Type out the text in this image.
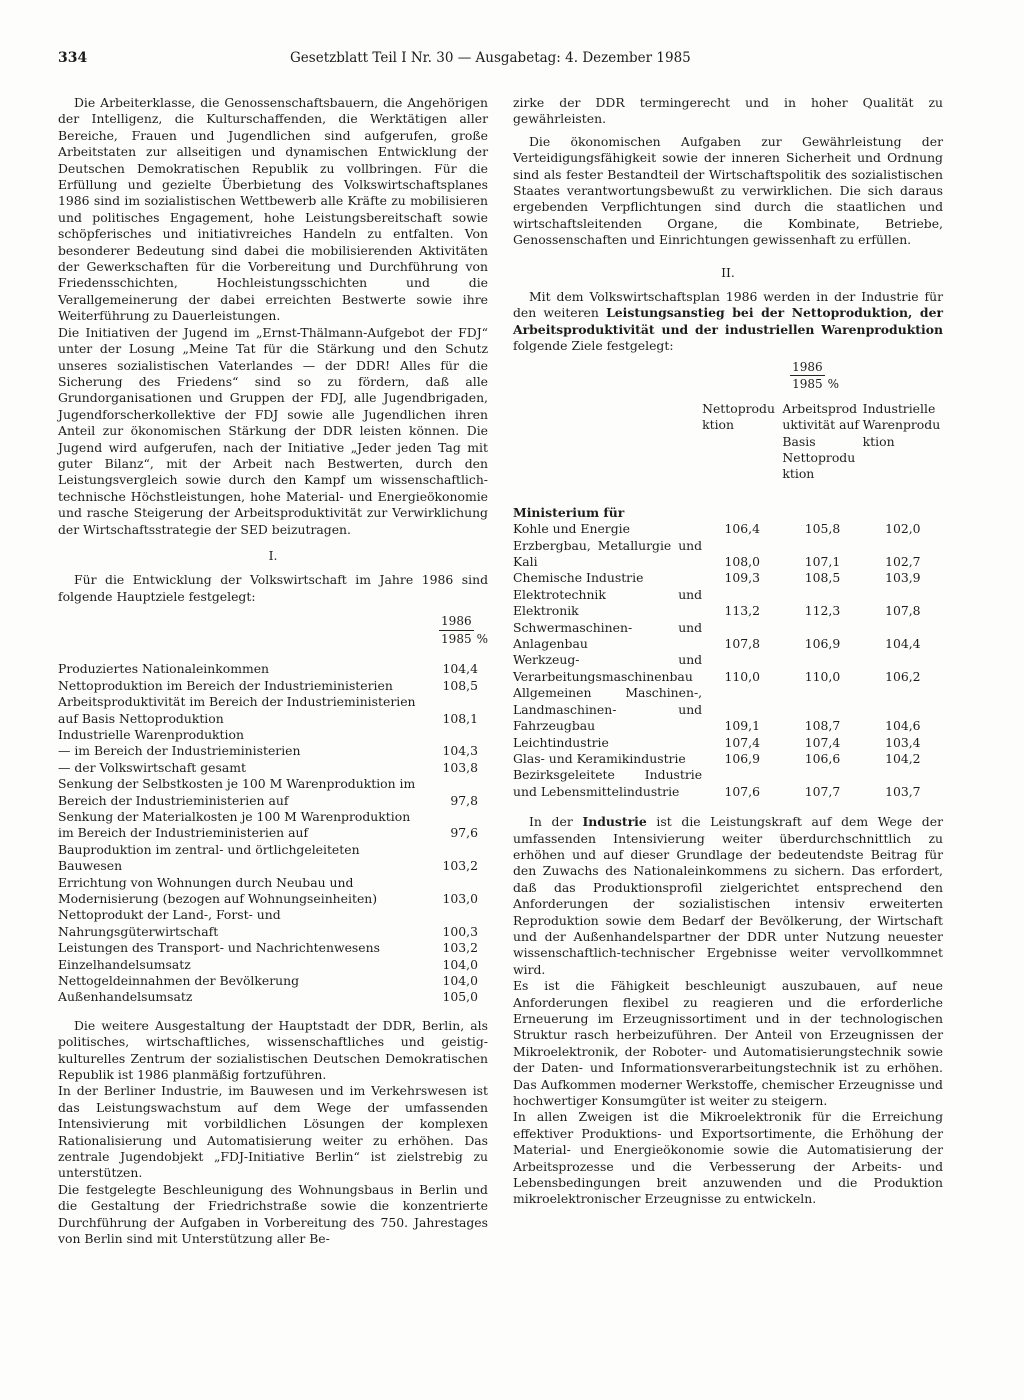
334	Gesetzblatt Teil I Nr. 30 — Ausgabetag: 4. Dezember 1985

Die Arbeiterklasse, die Genossenschaftsbauern, die Angehörigen der Intelligenz, die Kulturschaffenden, die Werktätigen aller Bereiche, Frauen und Jugendlichen sind aufgerufen, große Arbeitstaten zur allseitigen und dynamischen Entwicklung der Deutschen Demokratischen Republik zu vollbringen. Für die Erfüllung und gezielte Überbietung des Volkswirtschaftsplanes 1986 sind im sozialistischen Wettbewerb alle Kräfte zu mobilisieren und politisches Engagement, hohe Leistungsbereitschaft sowie schöpferisches und initiativreiches Handeln zu entfalten. Von besonderer Bedeutung sind dabei die mobilisierenden Aktivitäten der Gewerkschaften für die Vorbereitung und Durchführung von Friedensschichten, Hochleistungsschichten und die Verallgemeinerung der dabei erreichten Bestwerte sowie ihre Weiterführung zu Dauerleistungen.

Die Initiativen der Jugend im „Ernst-Thälmann-Aufgebot der FDJ“ unter der Losung „Meine Tat für die Stärkung und den Schutz unseres sozialistischen Vaterlandes — der DDR! Alles für die Sicherung des Friedens“ sind so zu fördern, daß alle Grundorganisationen und Gruppen der FDJ, alle Jugendbrigaden, Jugendforscherkollektive der FDJ sowie alle Jugendlichen ihren Anteil zur ökonomischen Stärkung der DDR leisten können. Die Jugend wird aufgerufen, nach der Initiative „Jeder jeden Tag mit guter Bilanz“, mit der Arbeit nach Bestwerten, durch den Leistungsvergleich sowie durch den Kampf um wissenschaftlich-technische Höchstleistungen, hohe Material- und Energieökonomie und rasche Steigerung der Arbeitsproduktivität zur Verwirklichung der Wirtschaftsstrategie der SED beizutragen.

I.

Für die Entwicklung der Volkswirtschaft im Jahre 1986 sind folgende Hauptziele festgelegt:

	$\frac{1986}{1985}$ %

Produziertes Nationaleinkommen	104,4
Nettoproduktion im Bereich der Industrieministerien	108,5
Arbeitsproduktivität im Bereich der Industrieministerien auf Basis Nettoproduktion	108,1
Industrielle Warenproduktion	
— im Bereich der Industrieministerien	104,3
— der Volkswirtschaft gesamt	103,8
Senkung der Selbstkosten je 100 M Warenproduktion im Bereich der Industrieministerien auf	97,8
Senkung der Materialkosten je 100 M Warenproduktion im Bereich der Industrieministerien auf	97,6
Bauproduktion im zentral- und örtlichgeleiteten Bauwesen	103,2
Errichtung von Wohnungen durch Neubau und Modernisierung (bezogen auf Wohnungseinheiten)	103,0
Nettoprodukt der Land-, Forst- und Nahrungsgüterwirtschaft	100,3
Leistungen des Transport- und Nachrichtenwesens	103,2
Einzelhandelsumsatz	104,0
Nettogeldeinnahmen der Bevölkerung	104,0
Außenhandelsumsatz	105,0

Die weitere Ausgestaltung der Hauptstadt der DDR, Berlin, als politisches, wirtschaftliches, wissenschaftliches und geistig-kulturelles Zentrum der sozialistischen Deutschen Demokratischen Republik ist 1986 planmäßig fortzuführen.

In der Berliner Industrie, im Bauwesen und im Verkehrswesen ist das Leistungswachstum auf dem Wege der umfassenden Intensivierung mit vorbildlichen Lösungen der komplexen Rationalisierung und Automatisierung weiter zu erhöhen. Das zentrale Jugendobjekt „FDJ-Initiative Berlin“ ist zielstrebig zu unterstützen.

Die festgelegte Beschleunigung des Wohnungsbaus in Berlin und die Gestaltung der Friedrichstraße sowie die konzentrierte Durchführung der Aufgaben in Vorbereitung des 750. Jahrestages von Berlin sind mit Unterstützung aller Be-

zirke der DDR termingerecht und in hoher Qualität zu gewährleisten.

Die ökonomischen Aufgaben zur Gewährleistung der Verteidigungsfähigkeit sowie der inneren Sicherheit und Ordnung sind als fester Bestandteil der Wirtschaftspolitik des sozialistischen Staates verantwortungsbewußt zu verwirklichen. Die sich daraus ergebenden Verpflichtungen sind durch die staatlichen und wirtschaftsleitenden Organe, die Kombinate, Betriebe, Genossenschaften und Einrichtungen gewissenhaft zu erfüllen.

II.

Mit dem Volkswirtschaftsplan 1986 werden in der Industrie für den weiteren Leistungsanstieg bei der Nettoproduktion, der Arbeitsproduktivität und der industriellen Warenproduktion folgende Ziele festgelegt:

	$\frac{1986}{1985}$ %		
	Nettoproduktion	Arbeitsproduktivität auf Basis Nettoproduktion	Industrielle Warenproduktion
Ministerium für			
Kohle und Energie	106,4	105,8	102,0
Erzbergbau, Metallurgie und Kali	108,0	107,1	102,7
Chemische Industrie	109,3	108,5	103,9
Elektrotechnik und Elektronik	113,2	112,3	107,8
Schwermaschinen- und Anlagenbau	107,8	106,9	104,4
Werkzeug- und Verarbeitungsmaschinenbau	110,0	110,0	106,2
Allgemeinen Maschinen-, Landmaschinen- und Fahrzeugbau	109,1	108,7	104,6
Leichtindustrie	107,4	107,4	103,4
Glas- und Keramikindustrie	106,9	106,6	104,2
Bezirksgeleitete Industrie und Lebensmittelindustrie	107,6	107,7	103,7

In der Industrie ist die Leistungskraft auf dem Wege der umfassenden Intensivierung weiter überdurchschnittlich zu erhöhen und auf dieser Grundlage der bedeutendste Beitrag für den Zuwachs des Nationaleinkommens zu sichern. Das erfordert, daß das Produktionsprofil zielgerichtet entsprechend den Anforderungen der sozialistischen intensiv erweiterten Reproduktion sowie dem Bedarf der Bevölkerung, der Wirtschaft und der Außenhandelspartner der DDR unter Nutzung neuester wissenschaftlich-technischer Ergebnisse weiter vervollkommnet wird.

Es ist die Fähigkeit beschleunigt auszubauen, auf neue Anforderungen flexibel zu reagieren und die erforderliche Erneuerung im Erzeugnissortiment und in der technologischen Struktur rasch herbeizuführen. Der Anteil von Erzeugnissen der Mikroelektronik, der Roboter- und Automatisierungstechnik sowie der Daten- und Informationsverarbeitungstechnik ist zu erhöhen. Das Aufkommen moderner Werkstoffe, chemischer Erzeugnisse und hochwertiger Konsumgüter ist weiter zu steigern.

In allen Zweigen ist die Mikroelektronik für die Erreichung effektiver Produktions- und Exportsortimente, die Erhöhung der Material- und Energieökonomie sowie die Automatisierung der Arbeitsprozesse und die Verbesserung der Arbeits- und Lebensbedingungen breit anzuwenden und die Produktion mikroelektronischer Erzeugnisse zu entwickeln.
